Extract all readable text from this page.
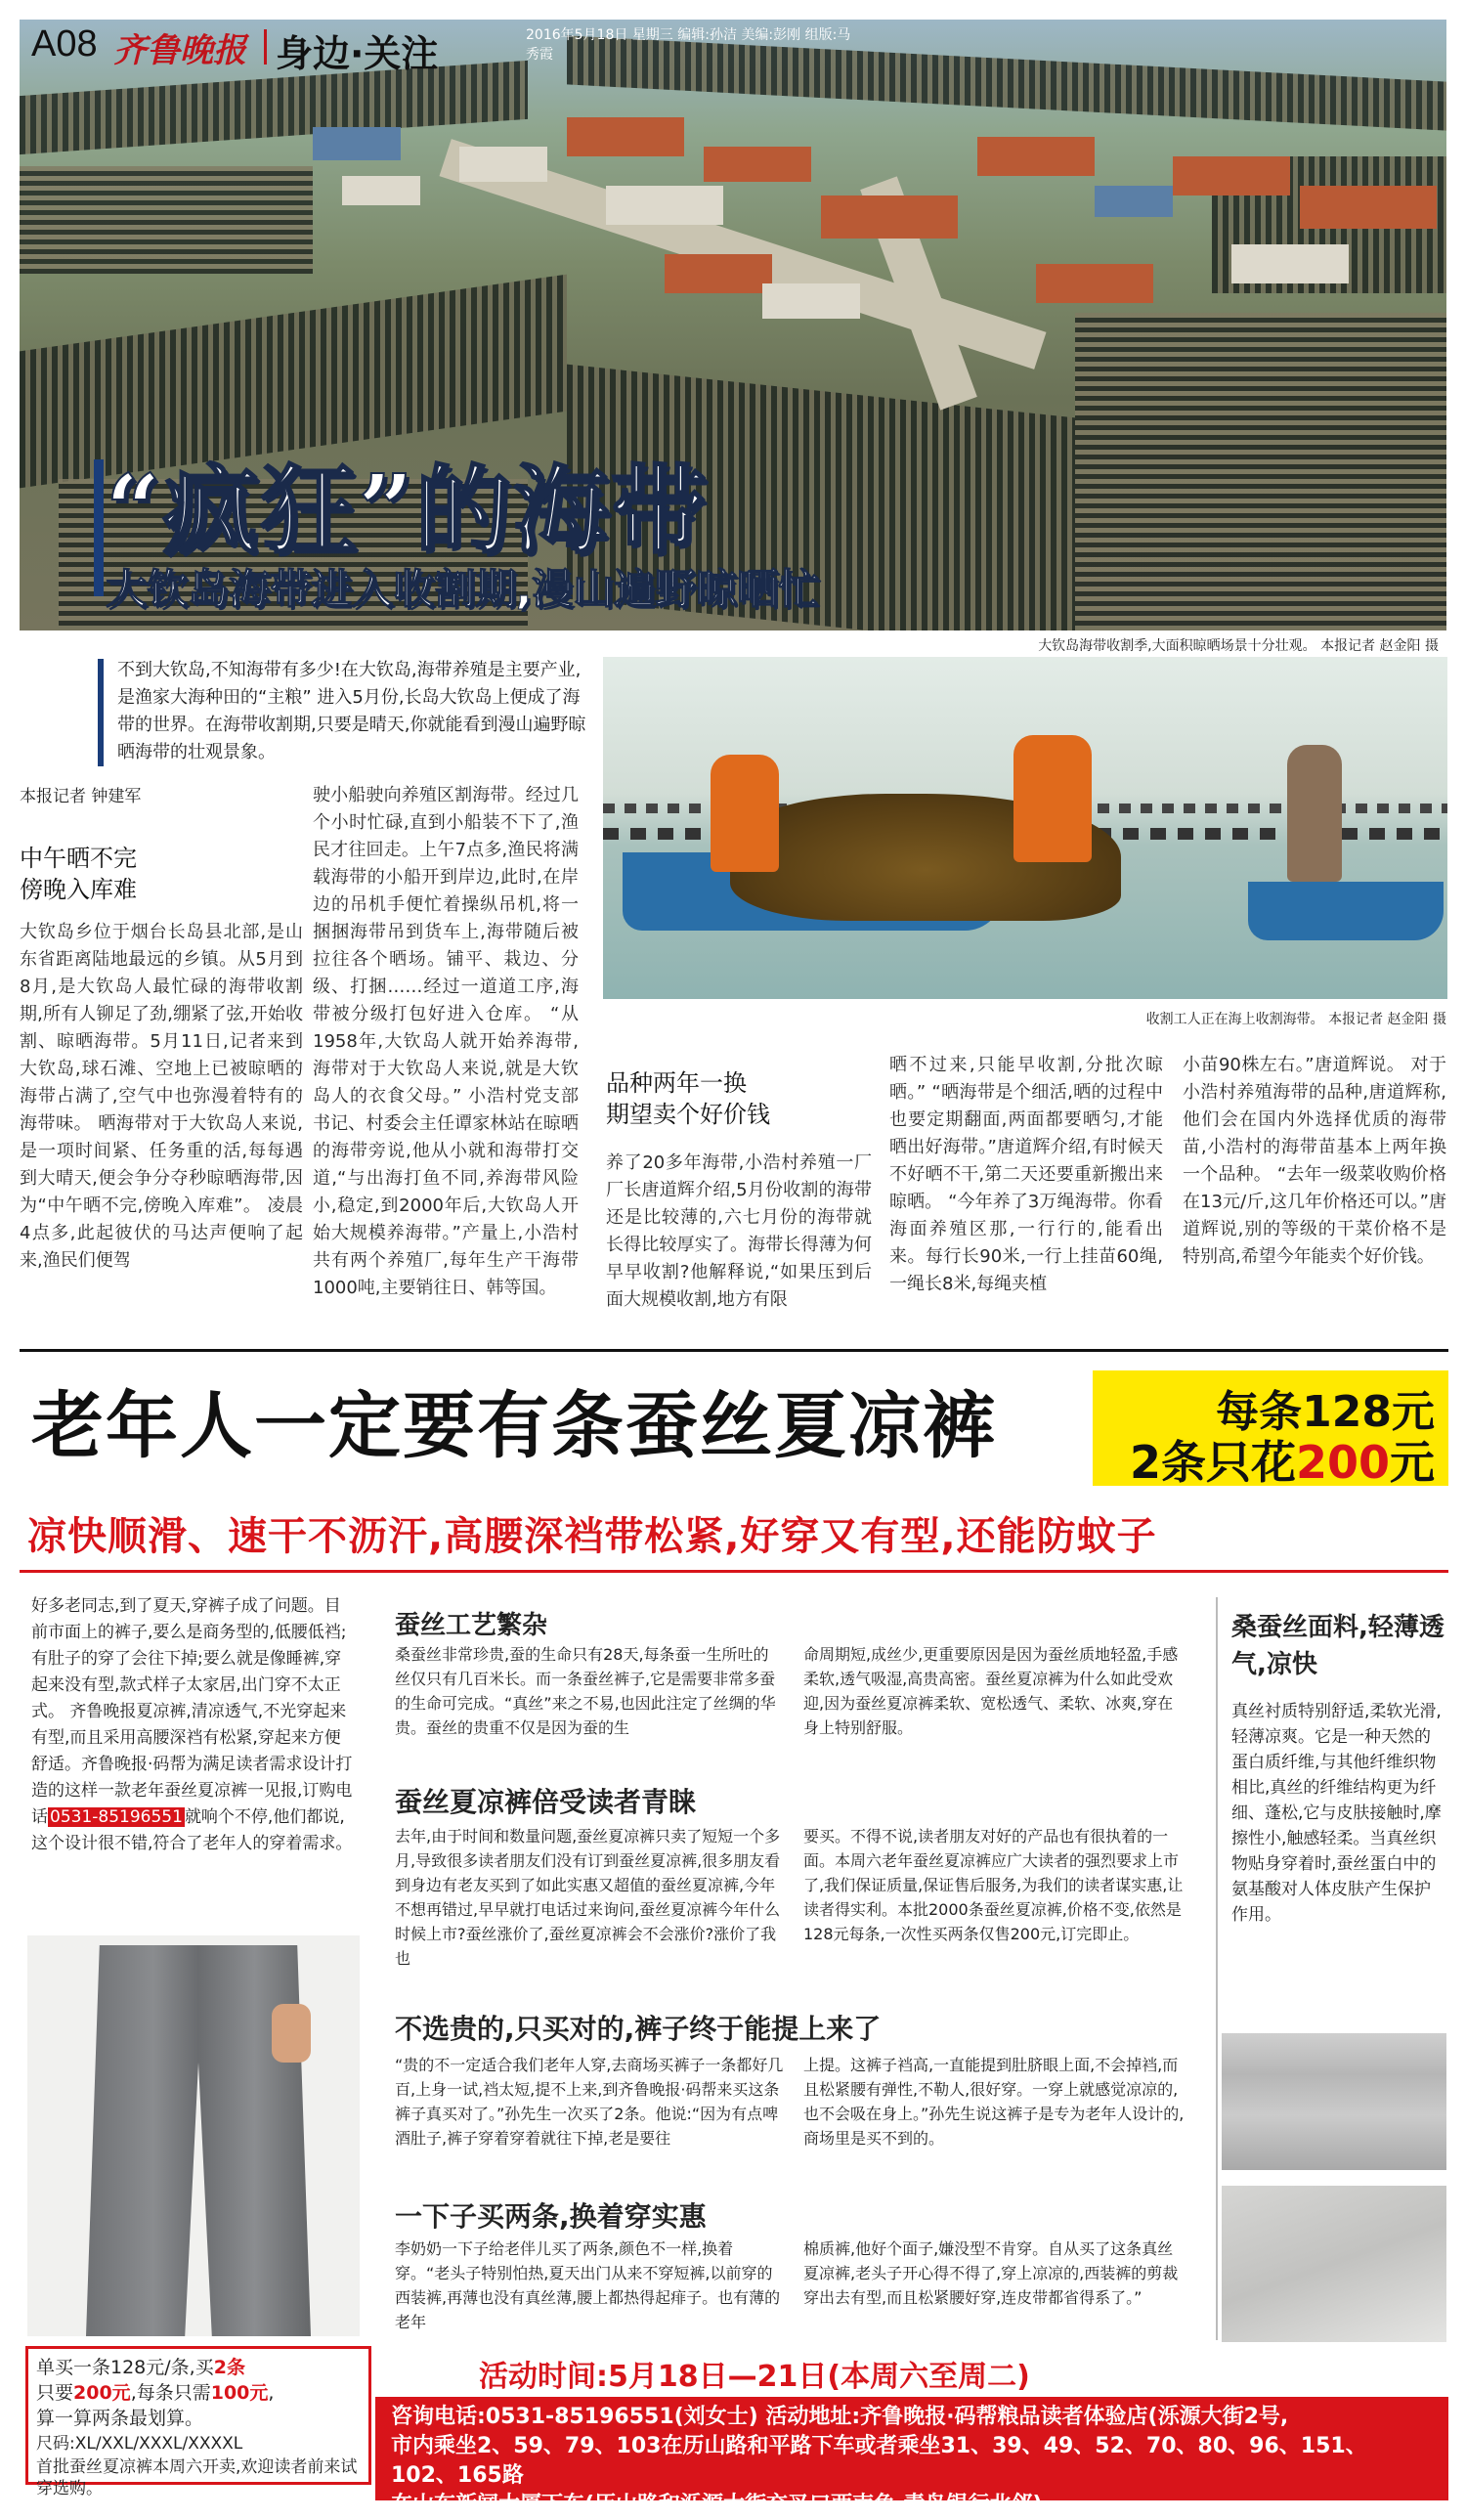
A08 齐鲁晚报 身边·关注	2016年5月18日 星期三 编辑:孙洁 美编:彭刚 组版:马秀霞
“疯狂”的海带
大钦岛海带进入收割期,漫山遍野晾晒忙
大钦岛海带收割季,大面积晾晒场景十分壮观。 本报记者 赵金阳 摄
不到大钦岛,不知海带有多少!在大钦岛,海带养殖是主要产业,是渔家大海种田的“主粮” 进入5月份,长岛大钦岛上便成了海带的世界。在海带收割期,只要是晴天,你就能看到漫山遍野晾晒海带的壮观景象。
本报记者 钟建军
中午晒不完
傍晚入库难
大钦岛乡位于烟台长岛县北部,是山东省距离陆地最远的乡镇。从5月到8月,是大钦岛人最忙碌的海带收割期,所有人铆足了劲,绷紧了弦,开始收割、晾晒海带。5月11日,记者来到大钦岛,球石滩、空地上已被晾晒的海带占满了,空气中也弥漫着特有的海带味。 晒海带对于大钦岛人来说,是一项时间紧、任务重的活,每每遇到大晴天,便会争分夺秒晾晒海带,因为“中午晒不完,傍晚入库难”。 凌晨4点多,此起彼伏的马达声便响了起来,渔民们便驾
驶小船驶向养殖区割海带。经过几个小时忙碌,直到小船装不下了,渔民才往回走。上午7点多,渔民将满载海带的小船开到岸边,此时,在岸边的吊机手便忙着操纵吊机,将一捆捆海带吊到货车上,海带随后被拉往各个晒场。铺平、栽边、分级、打捆……经过一道道工序,海带被分级打包好进入仓库。 “从1958年,大钦岛人就开始养海带,海带对于大钦岛人来说,就是大钦岛人的衣食父母。” 小浩村党支部书记、村委会主任谭家林站在晾晒的海带旁说,他从小就和海带打交道,“与出海打鱼不同,养海带风险小,稳定,到2000年后,大钦岛人开始大规模养海带。”产量上,小浩村共有两个养殖厂,每年生产干海带1000吨,主要销往日、韩等国。
收割工人正在海上收割海带。 本报记者 赵金阳 摄
品种两年一换
期望卖个好价钱
养了20多年海带,小浩村养殖一厂厂长唐道辉介绍,5月份收割的海带还是比较薄的,六七月份的海带就长得比较厚实了。海带长得薄为何早早收割?他解释说,“如果压到后面大规模收割,地方有限
晒不过来,只能早收割,分批次晾晒。” “晒海带是个细活,晒的过程中也要定期翻面,两面都要晒匀,才能晒出好海带。”唐道辉介绍,有时候天不好晒不干,第二天还要重新搬出来晾晒。 “今年养了3万绳海带。你看海面养殖区那,一行行的,能看出来。每行长90米,一行上挂苗60绳,一绳长8米,每绳夹植
小苗90株左右。”唐道辉说。 对于小浩村养殖海带的品种,唐道辉称,他们会在国内外选择优质的海带苗,小浩村的海带苗基本上两年换一个品种。 “去年一级菜收购价格在13元/斤,这几年价格还可以。”唐道辉说,别的等级的干菜价格不是特别高,希望今年能卖个好价钱。
老年人一定要有条蚕丝夏凉裤	每条128元
2条只花200元
凉快顺滑、速干不沥汗,高腰深裆带松紧,好穿又有型,还能防蚊子
好多老同志,到了夏天,穿裤子成了问题。目前市面上的裤子,要么是商务型的,低腰低裆;有肚子的穿了会往下掉;要么就是像睡裤,穿起来没有型,款式样子太家居,出门穿不太正式。 齐鲁晚报夏凉裤,清凉透气,不光穿起来有型,而且采用高腰深裆有松紧,穿起来方便舒适。齐鲁晚报·码帮为满足读者需求设计打造的这样一款老年蚕丝夏凉裤一见报,订购电话 0531-85196551 就响个不停,他们都说,这个设计很不错,符合了老年人的穿着需求。
单买一条128元/条,买2条
只要200元,每条只需100元,
算一算两条最划算。
尺码:XL/XXL/XXXL/XXXXL
首批蚕丝夏凉裤本周六开卖,欢迎读者前来试穿选购。
蚕丝工艺繁杂
桑蚕丝非常珍贵,蚕的生命只有28天,每条蚕一生所吐的丝仅只有几百米长。而一条蚕丝裤子,它是需要非常多蚕的生命可完成。“真丝”来之不易,也因此注定了丝绸的华贵。蚕丝的贵重不仅是因为蚕的生
命周期短,成丝少,更重要原因是因为蚕丝质地轻盈,手感柔软,透气吸湿,高贵高密。蚕丝夏凉裤为什么如此受欢迎,因为蚕丝夏凉裤柔软、宽松透气、柔软、冰爽,穿在身上特别舒服。
蚕丝夏凉裤倍受读者青睐
去年,由于时间和数量问题,蚕丝夏凉裤只卖了短短一个多月,导致很多读者朋友们没有订到蚕丝夏凉裤,很多朋友看到身边有老友买到了如此实惠又超值的蚕丝夏凉裤,今年不想再错过,早早就打电话过来询问,蚕丝夏凉裤今年什么时候上市?蚕丝涨价了,蚕丝夏凉裤会不会涨价?涨价了我也
要买。不得不说,读者朋友对好的产品也有很执着的一面。本周六老年蚕丝夏凉裤应广大读者的强烈要求上市了,我们保证质量,保证售后服务,为我们的读者谋实惠,让读者得实利。本批2000条蚕丝夏凉裤,价格不变,依然是128元每条,一次性买两条仅售200元,订完即止。
不选贵的,只买对的,裤子终于能提上来了
“贵的不一定适合我们老年人穿,去商场买裤子一条都好几百,上身一试,裆太短,提不上来,到齐鲁晚报·码帮来买这条裤子真买对了。”孙先生一次买了2条。他说:“因为有点啤酒肚子,裤子穿着穿着就往下掉,老是要往
上提。这裤子裆高,一直能提到肚脐眼上面,不会掉裆,而且松紧腰有弹性,不勒人,很好穿。一穿上就感觉凉凉的,也不会吸在身上。”孙先生说这裤子是专为老年人设计的,商场里是买不到的。
一下子买两条,换着穿实惠
李奶奶一下子给老伴儿买了两条,颜色不一样,换着穿。“老头子特别怕热,夏天出门从来不穿短裤,以前穿的西装裤,再薄也没有真丝薄,腰上都热得起痱子。也有薄的老年
棉质裤,他好个面子,嫌没型不肯穿。自从买了这条真丝夏凉裤,老头子开心得不得了,穿上凉凉的,西装裤的剪裁穿出去有型,而且松紧腰好穿,连皮带都省得系了。”
桑蚕丝面料,轻薄透气,凉快
真丝衬质特别舒适,柔软光滑,轻薄凉爽。它是一种天然的蛋白质纤维,与其他纤维织物相比,真丝的纤维结构更为纤细、蓬松,它与皮肤接触时,摩擦性小,触感轻柔。当真丝织物贴身穿着时,蚕丝蛋白中的氨基酸对人体皮肤产生保护作用。
活动时间:5月18日—21日(本周六至周二)
咨询电话:0531-85196551(刘女士) 活动地址:齐鲁晚报·码帮粮品读者体验店(泺源大街2号,
市内乘坐2、59、79、103在历山路和平路下车或者乘坐31、39、49、52、70、80、96、151、102、165路
在山东新闻大厦下车(历山路和泺源大街交叉口西南角,青岛银行北邻)。
